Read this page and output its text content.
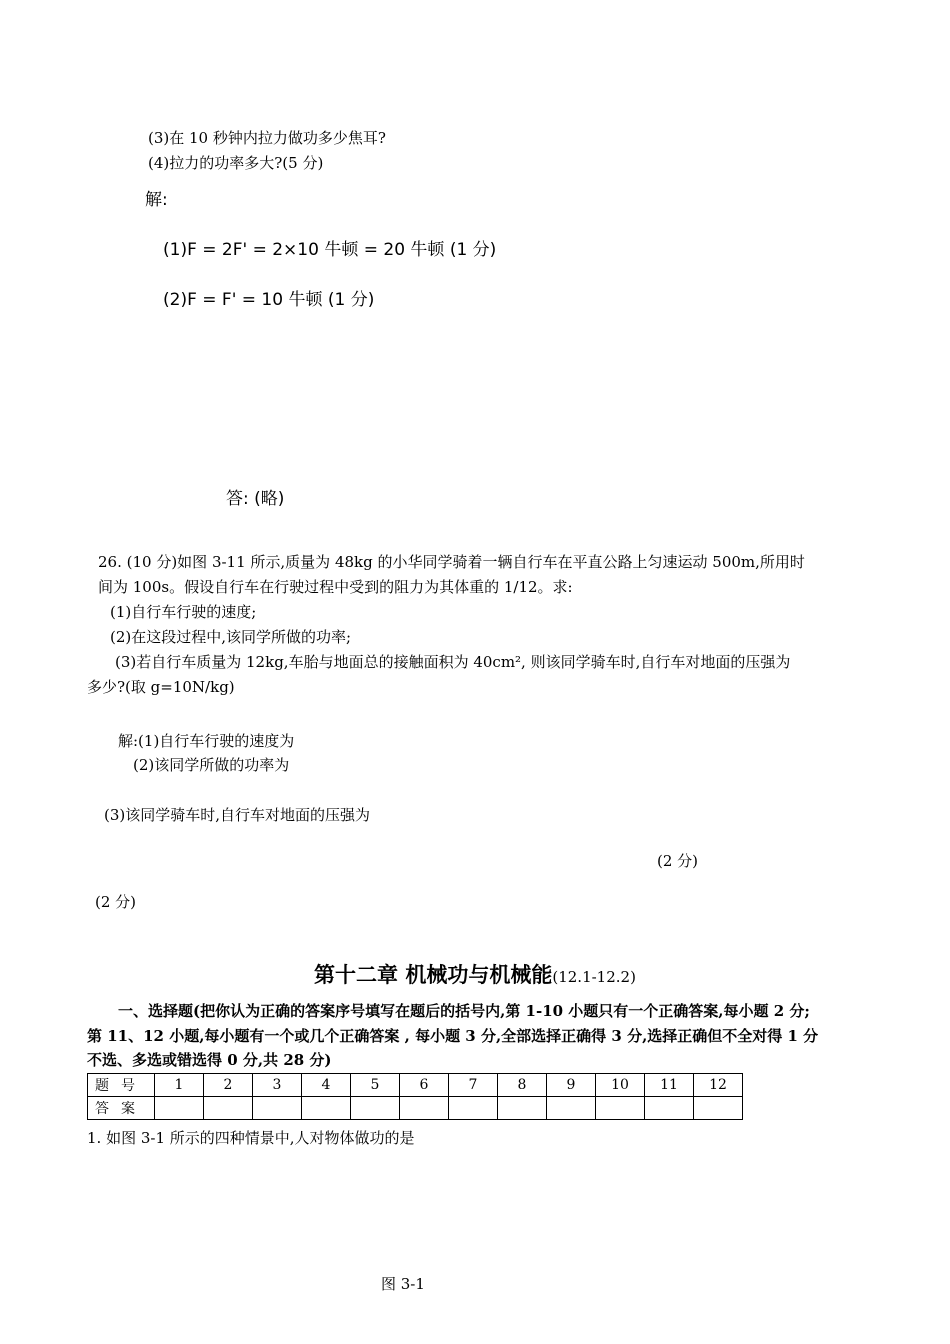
(3)在 10 秒钟内拉力做功多少焦耳?
(4)拉力的功率多大?(5 分)
解:
(1)F = 2F' = 2×10 牛顿 = 20 牛顿 (1 分)
(2)F = F' = 10 牛顿 (1 分)
答: (略)
26. (10 分)如图 3-11 所示,质量为 48kg 的小华同学骑着一辆自行车在平直公路上匀速运动 500m,所用时
间为 100s。假设自行车在行驶过程中受到的阻力为其体重的 1/12。求:
(1)自行车行驶的速度;
(2)在这段过程中,该同学所做的功率;
(3)若自行车质量为 12kg,车胎与地面总的接触面积为 40cm², 则该同学骑车时,自行车对地面的压强为
多少?(取 g=10N/kg)
解:(1)自行车行驶的速度为
(2)该同学所做的功率为
(3)该同学骑车时,自行车对地面的压强为
(2 分)
(2 分)
第十二章 机械功与机械能(12.1-12.2)
一、选择题(把你认为正确的答案序号填写在题后的括号内,第 1-10 小题只有一个正确答案,每小题 2 分;
第 11、12 小题,每小题有一个或几个正确答案 , 每小题 3 分,全部选择正确得 3 分,选择正确但不全对得 1 分
不选、多选或错选得 0 分,共 28 分)
题号	1	2	3	4	5	6	7	8	9	10	11	12
答案												
1. 如图 3-1 所示的四种情景中,人对物体做功的是
图 3-1
